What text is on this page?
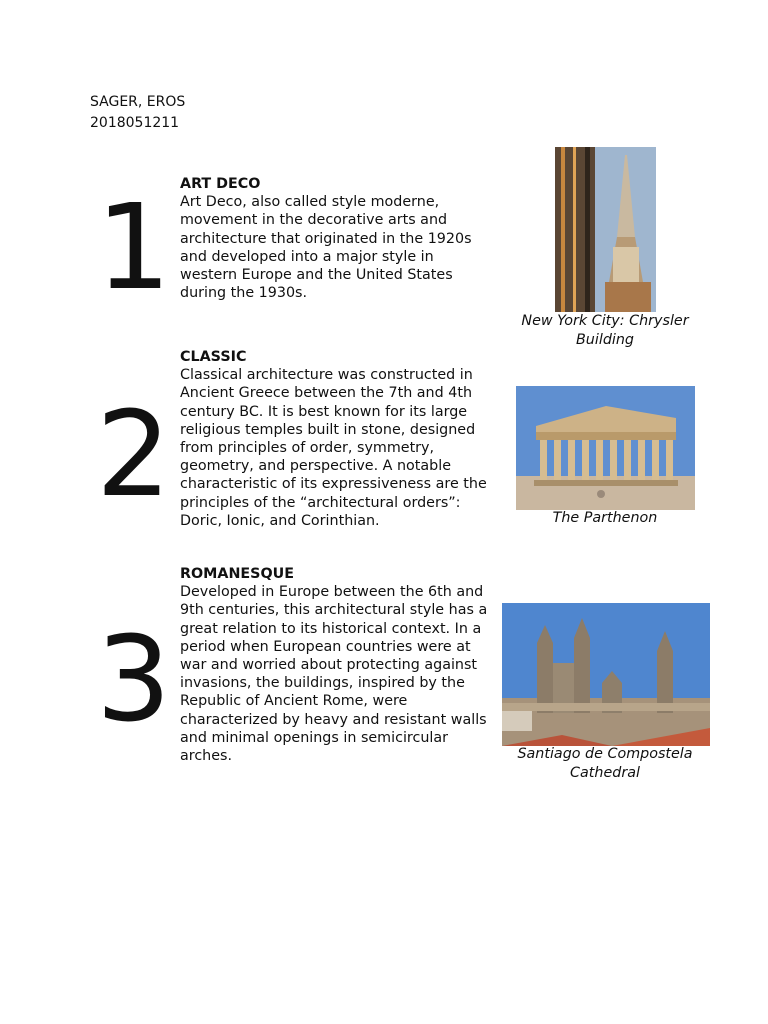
SAGER, EROS
2018051211
1 ART DECO
Art Deco, also called style moderne, movement in the decorative arts and architecture that originated in the 1920s and developed into a major style in western Europe and the United States during the 1930s.
New York City: Chrysler Building
2
CLASSIC
Classical architecture was constructed in Ancient Greece between the 7th and 4th century BC. It is best known for its large religious temples built in stone, designed from principles of order, symmetry, geometry, and perspective. A notable characteristic of its expressiveness are the principles of the “architectural orders”: Doric, Ionic, and Corinthian.	The Parthenon
3
ROMANESQUE
Developed in Europe between the 6th and 9th centuries, this architectural style has a great relation to its historical context. In a period when European countries were at war and worried about protecting against invasions, the buildings, inspired by the Republic of Ancient Rome, were characterized by heavy and resistant walls and minimal openings in semicircular arches.	Santiago de Compostela Cathedral
